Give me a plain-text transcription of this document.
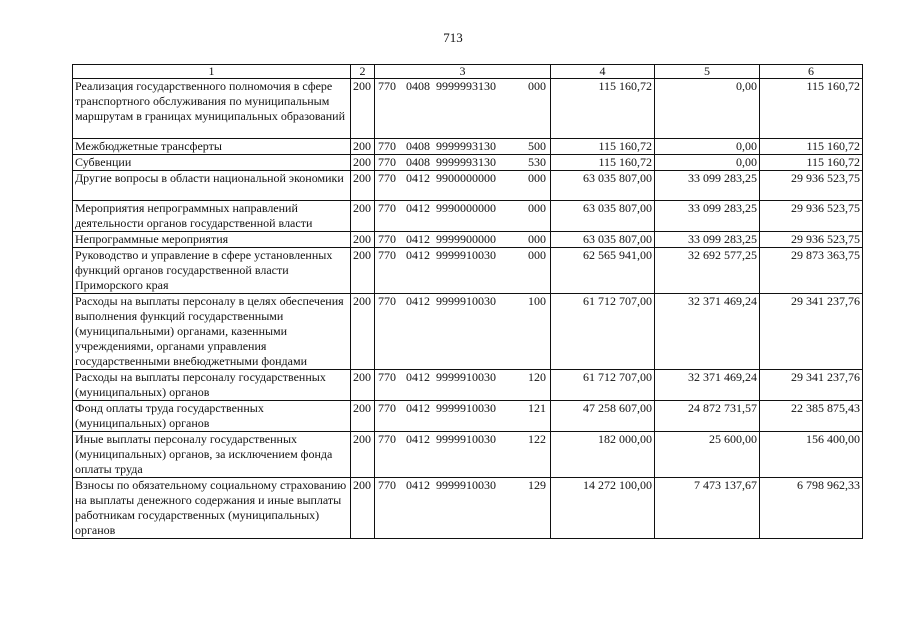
713
1	2	3	4	5	6
Реализация государственного полномочия в сфере транспортного обслуживания по муниципальным маршрутам в границах муниципальных образований	200	770 0408 9999993130 000	115 160,72	0,00	115 160,72
Межбюджетные трансферты	200	770 0408 9999993130 500	115 160,72	0,00	115 160,72
Субвенции	200	770 0408 9999993130 530	115 160,72	0,00	115 160,72
Другие вопросы в области национальной экономики	200	770 0412 9900000000 000	63 035 807,00	33 099 283,25	29 936 523,75
Мероприятия непрограммных направлений деятельности органов государственной власти	200	770 0412 9990000000 000	63 035 807,00	33 099 283,25	29 936 523,75
Непрограммные мероприятия	200	770 0412 9999900000 000	63 035 807,00	33 099 283,25	29 936 523,75
Руководство и управление в сфере установленных функций органов государственной власти Приморского края	200	770 0412 9999910030 000	62 565 941,00	32 692 577,25	29 873 363,75
Расходы на выплаты персоналу в целях обеспечения выполнения функций государственными (муниципальными) органами, казенными учреждениями, органами управления государственными внебюджетными фондами	200	770 0412 9999910030 100	61 712 707,00	32 371 469,24	29 341 237,76
Расходы на выплаты персоналу государственных (муниципальных) органов	200	770 0412 9999910030 120	61 712 707,00	32 371 469,24	29 341 237,76
Фонд оплаты труда государственных (муниципальных) органов	200	770 0412 9999910030 121	47 258 607,00	24 872 731,57	22 385 875,43
Иные выплаты персоналу государственных (муниципальных) органов, за исключением фонда оплаты труда	200	770 0412 9999910030 122	182 000,00	25 600,00	156 400,00
Взносы по обязательному социальному страхованию на выплаты денежного содержания и иные выплаты работникам государственных (муниципальных) органов	200	770 0412 9999910030 129	14 272 100,00	7 473 137,67	6 798 962,33
